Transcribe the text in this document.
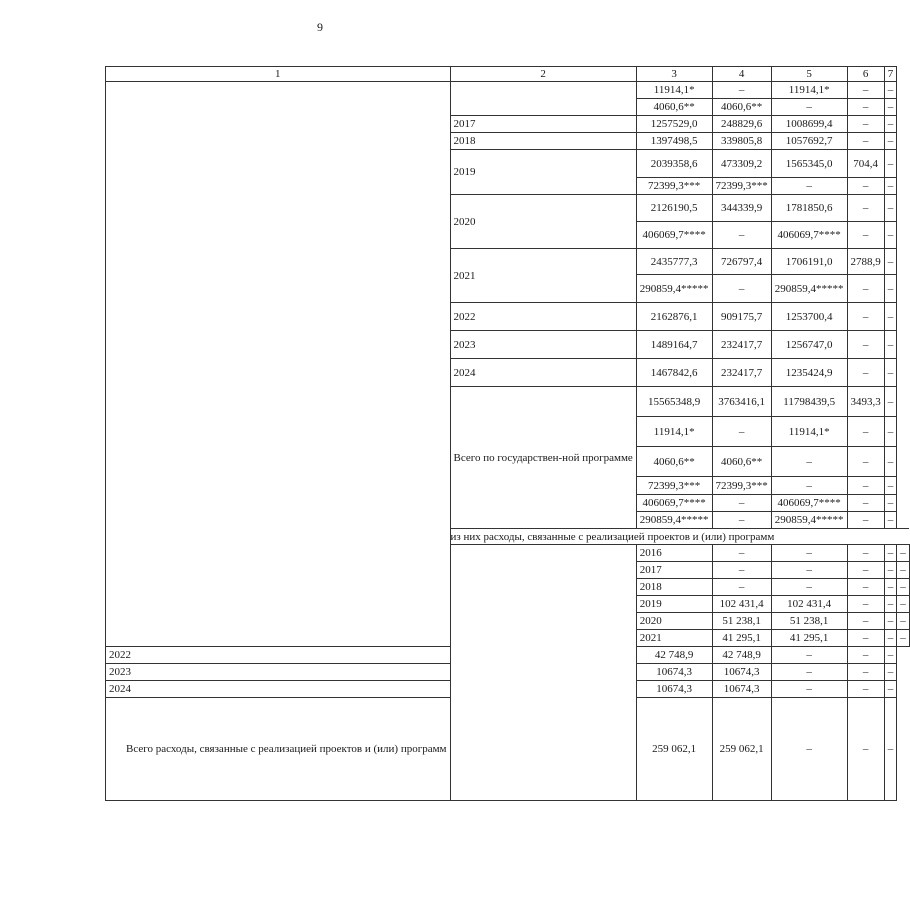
9
1	2	3	4	5	6	7	
		11914,1*	–	11914,1*	–	–	
		4060,6**	4060,6**	–	–	–	
	2017	1257529,0	248829,6	1008699,4	–	–	
	2018	1397498,5	339805,8	1057692,7	–	–	
	2019	2039358,6	473309,2	1565345,0	704,4	–	
		72399,3***	72399,3***	–	–	–	
	2020	2126190,5	344339,9	1781850,6	–	–	
		406069,7****	–	406069,7****	–	–	
	2021	2435777,3	726797,4	1706191,0	2788,9	–	
		290859,4*****	–	290859,4*****	–	–	
	2022	2162876,1	909175,7	1253700,4	–	–	
	2023	1489164,7	232417,7	1256747,0	–	–	
	2024	1467842,6	232417,7	1235424,9	–	–	
	Всего по государствен-ной программе	15565348,9	3763416,1	11798439,5	3493,3	–	
		11914,1*	–	11914,1*	–	–	
		4060,6**	4060,6**	–	–	–	
		72399,3***	72399,3***	–	–	–	
		406069,7****	–	406069,7****	–	–	
		290859,4*****	–	290859,4*****	–	–	
	из них расходы, связанные с реализацией проектов и (или) программ						
		2016	–	–	–	–	–
		2017	–	–	–	–	–
		2018	–	–	–	–	–
		2019	102 431,4	102 431,4	–	–	–
		2020	51 238,1	51 238,1	–	–	–
		2021	41 295,1	41 295,1	–	–	–
2022		42 748,9	42 748,9	–	–	–	
2023		10674,3	10674,3	–	–	–	
2024		10674,3	10674,3	–	–	–	
Всего расходы, связанные с реализацией проектов и (или) программ		259 062,1	259 062,1	–	–	–	
